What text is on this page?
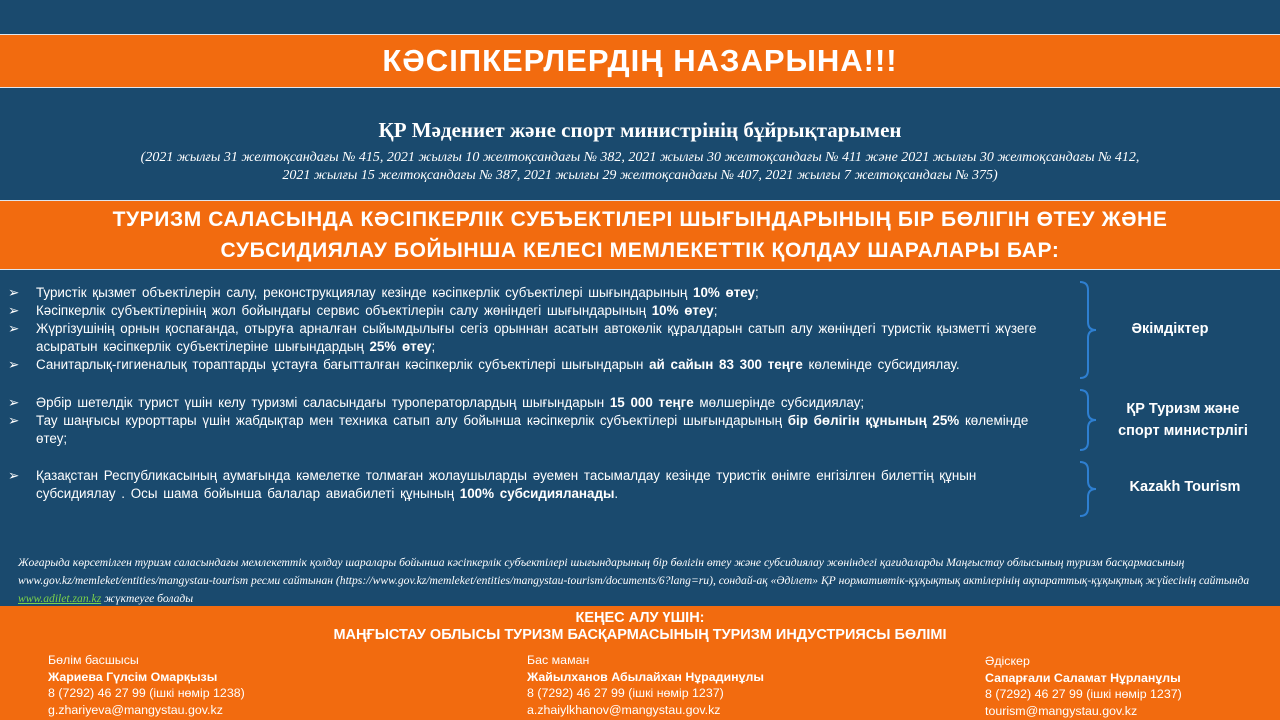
КӘСІПКЕРЛЕРДІҢ НАЗАРЫНА!!!
ҚР Мәдениет және спорт министрінің бұйрықтарымен
(2021 жылғы 31 желтоқсандағы № 415, 2021 жылғы 10 желтоқсандағы № 382, 2021 жылғы 30 желтоқсандағы № 411 және 2021 жылғы 30 желтоқсандағы № 412,
2021 жылғы 15 желтоқсандағы № 387, 2021 жылғы 29 желтоқсандағы № 407, 2021 жылғы 7 желтоқсандағы № 375)
ТУРИЗМ САЛАСЫНДА КӘСІПКЕРЛІК СУБЪЕКТІЛЕРІ ШЫҒЫНДАРЫНЫҢ БІР БӨЛІГІН ӨТЕУ ЖӘНЕ
СУБСИДИЯЛАУ БОЙЫНША КЕЛЕСІ МЕМЛЕКЕТТІК ҚОЛДАУ ШАРАЛАРЫ БАР:
➢	Туристік қызмет объектілерін салу, реконструкциялау кезінде кәсіпкерлік субъектілері шығындарының 10% өтеу;
➢	Кәсіпкерлік субъектілерінің жол бойындағы сервис объектілерін салу жөніндегі шығындарының 10% өтеу;
➢	Жүргізушінің орнын қоспағанда, отыруға арналған сыйымдылығы сегіз орыннан асатын автокөлік құралдарын сатып алу жөніндегі туристік қызметті жүзеге асыратын кәсіпкерлік субъектілеріне шығындардың 25% өтеу;
➢	Санитарлық-гигиеналық тораптарды ұстауға бағытталған кәсіпкерлік субъектілері шығындарын ай сайын 83 300 теңге көлемінде субсидиялау.
➢	Әрбір шетелдік турист үшін келу туризмі саласындағы туроператорлардың шығындарын 15 000 теңге мөлшерінде субсидиялау;
➢	Тау шаңғысы курорттары үшін жабдықтар мен техника сатып алу бойынша кәсіпкерлік субъектілері шығындарының бір бөлігін құнының 25% көлемінде өтеу;
➢	Қазақстан Республикасының аумағында кәмелетке толмаған жолаушыларды әуемен тасымалдау кезінде туристік өнімге енгізілген билеттің құнын субсидиялау . Осы шама бойынша балалар авиабилеті құнының 100% субсидияланады.
Әкімдіктер
ҚР Туризм және
спорт министрлігі
Kazakh Tourism
Жоғарыда көрсетілген туризм саласындағы мемлекеттік қолдау шаралары бойынша кәсіпкерлік субъектілері шығындарының бір бөлігін өтеу және субсидиялау жөніндегі қағидаларды Маңғыстау облысының туризм басқармасының www.gov.kz/memleket/entities/mangystau-tourism ресми сайтынан (https://www.gov.kz/memleket/entities/mangystau-tourism/documents/6?lang=ru), сондай-ақ «Әділет» ҚР нормативтік-құқықтық актілерінің ақпараттық-құқықтық жүйесінің сайтында www.adilet.zan.kz жүктеуге болады
КЕҢЕС АЛУ ҮШІН:
МАҢҒЫСТАУ ОБЛЫСЫ ТУРИЗМ БАСҚАРМАСЫНЫҢ ТУРИЗМ ИНДУСТРИЯСЫ БӨЛІМІ
Бөлім басшысы
Жариева Гүлсім Омарқызы
8 (7292) 46 27 99 (ішкі нөмір 1238)
g.zhariyeva@mangystau.gov.kz
Бас маман
Жайылханов Абылайхан Нұрадинұлы
8 (7292) 46 27 99 (ішкі нөмір 1237)
a.zhaiylkhanov@mangystau.gov.kz
Әдіскер
Сапарғали Саламат Нұрланұлы
8 (7292) 46 27 99 (ішкі нөмір 1237)
tourism@mangystau.gov.kz
